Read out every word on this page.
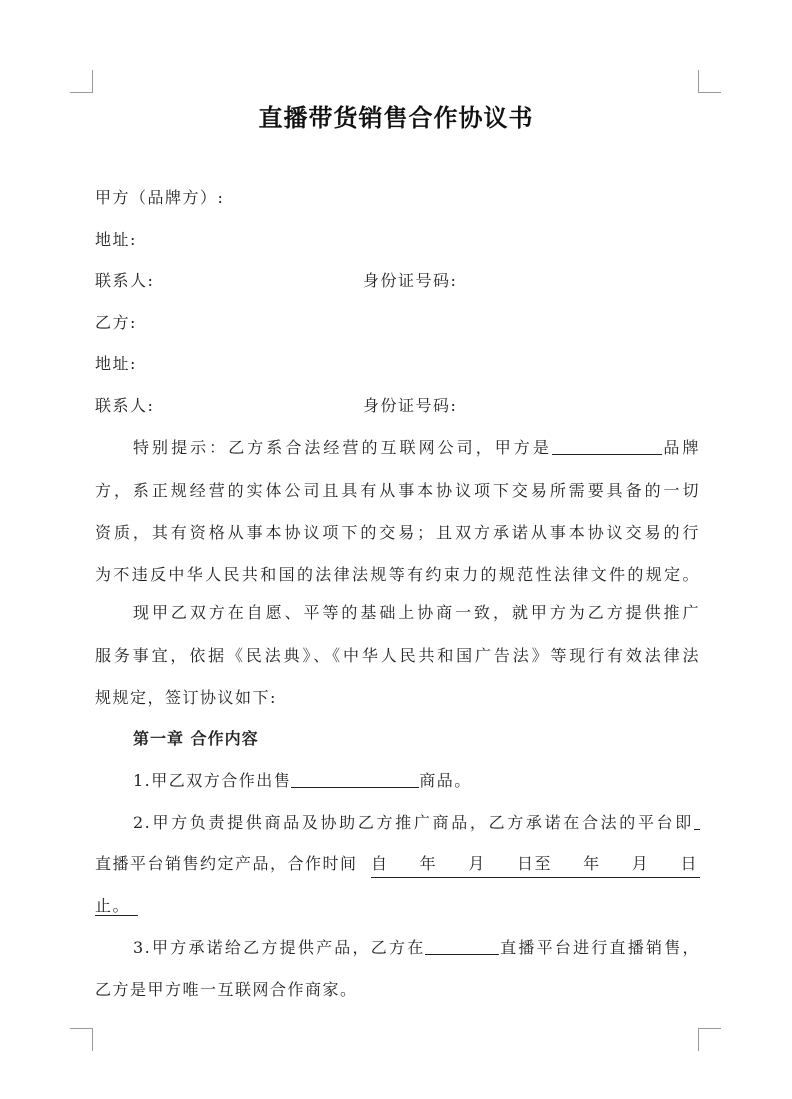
直播带货销售合作协议书
甲方（品牌方）:
地址:
联系人:	身份证号码:
乙方:
地址:
联系人:	身份证号码:
特别提示：乙方系合法经营的互联网公司，甲方是	品牌
方，系正规经营的实体公司且具有从事本协议项下交易所需要具备的一切
资质，其有资格从事本协议项下的交易；且双方承诺从事本协议交易的行
为不违反中华人民共和国的法律法规等有约束力的规范性法律文件的规定。
现甲乙双方在自愿、平等的基础上协商一致，就甲方为乙方提供推广
服务事宜，依据《民法典》、《中华人民共和国广告法》等现行有效法律法
规规定，签订协议如下:
第一章 合作内容
1.甲乙双方合作出售	商品。
2.甲方负责提供商品及协助乙方推广商品，乙方承诺在合法的平台即
直播平台销售约定产品，合作时间 自 年 月 日至 年 月 日
止。
3.甲方承诺给乙方提供产品，乙方在	直播平台进行直播销售，
乙方是甲方唯一互联网合作商家。
